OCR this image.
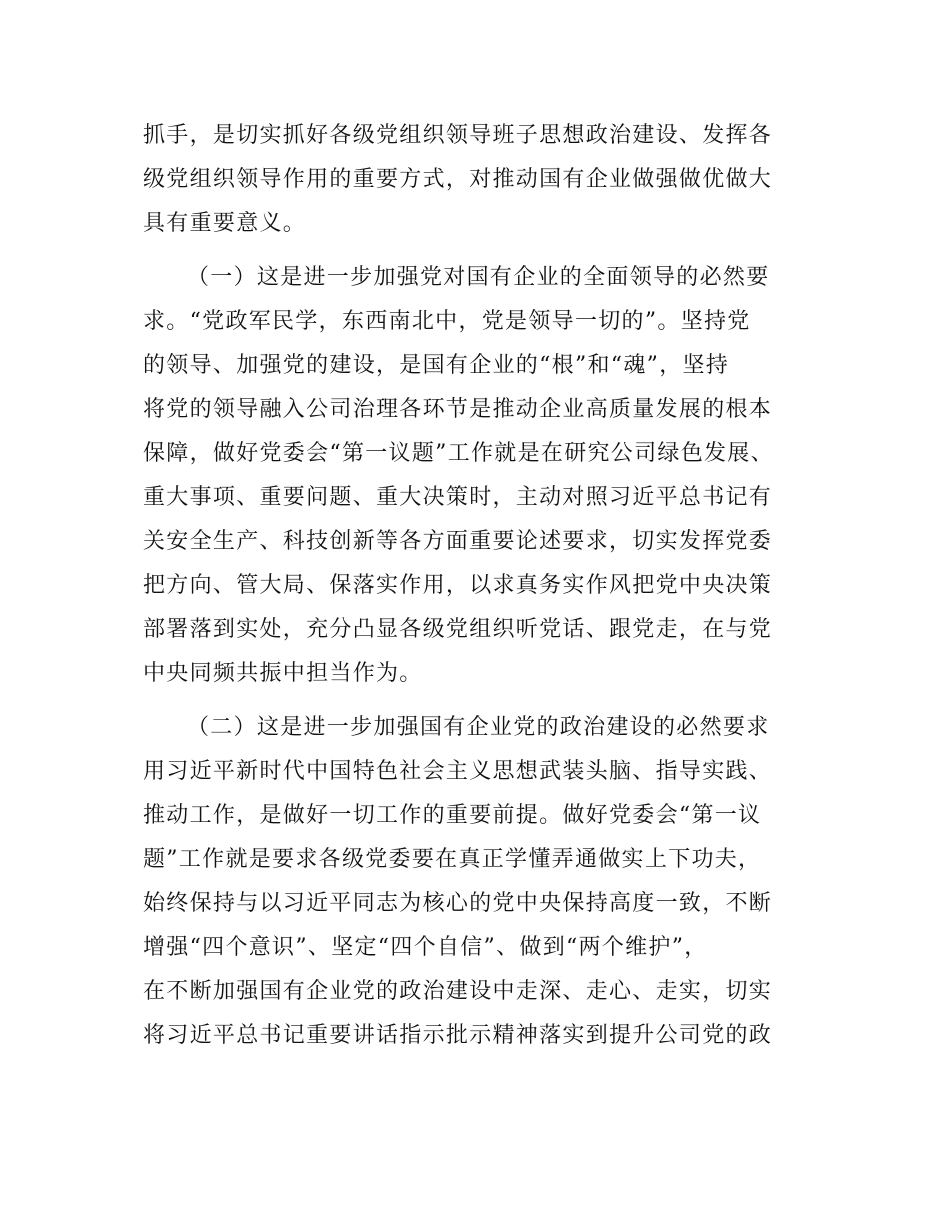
抓手，是切实抓好各级党组织领导班子思想政治建设、发挥各
级党组织领导作用的重要方式，对推动国有企业做强做优做大
具有重要意义。
（一）这是进一步加强党对国有企业的全面领导的必然要
求。“党政军民学，东西南北中，党是领导一切的”。坚持党
的领导、加强党的建设，是国有企业的“根”和“魂”，坚持
将党的领导融入公司治理各环节是推动企业高质量发展的根本
保障，做好党委会“第一议题”工作就是在研究公司绿色发展、
重大事项、重要问题、重大决策时，主动对照习近平总书记有
关安全生产、科技创新等各方面重要论述要求，切实发挥党委
把方向、管大局、保落实作用，以求真务实作风把党中央决策
部署落到实处，充分凸显各级党组织听党话、跟党走，在与党
中央同频共振中担当作为。
（二）这是进一步加强国有企业党的政治建设的必然要求
用习近平新时代中国特色社会主义思想武装头脑、指导实践、
推动工作，是做好一切工作的重要前提。做好党委会“第一议
题”工作就是要求各级党委要在真正学懂弄通做实上下功夫，
始终保持与以习近平同志为核心的党中央保持高度一致，不断
增强“四个意识”、坚定“四个自信”、做到“两个维护”，
在不断加强国有企业党的政治建设中走深、走心、走实，切实
将习近平总书记重要讲话指示批示精神落实到提升公司党的政
